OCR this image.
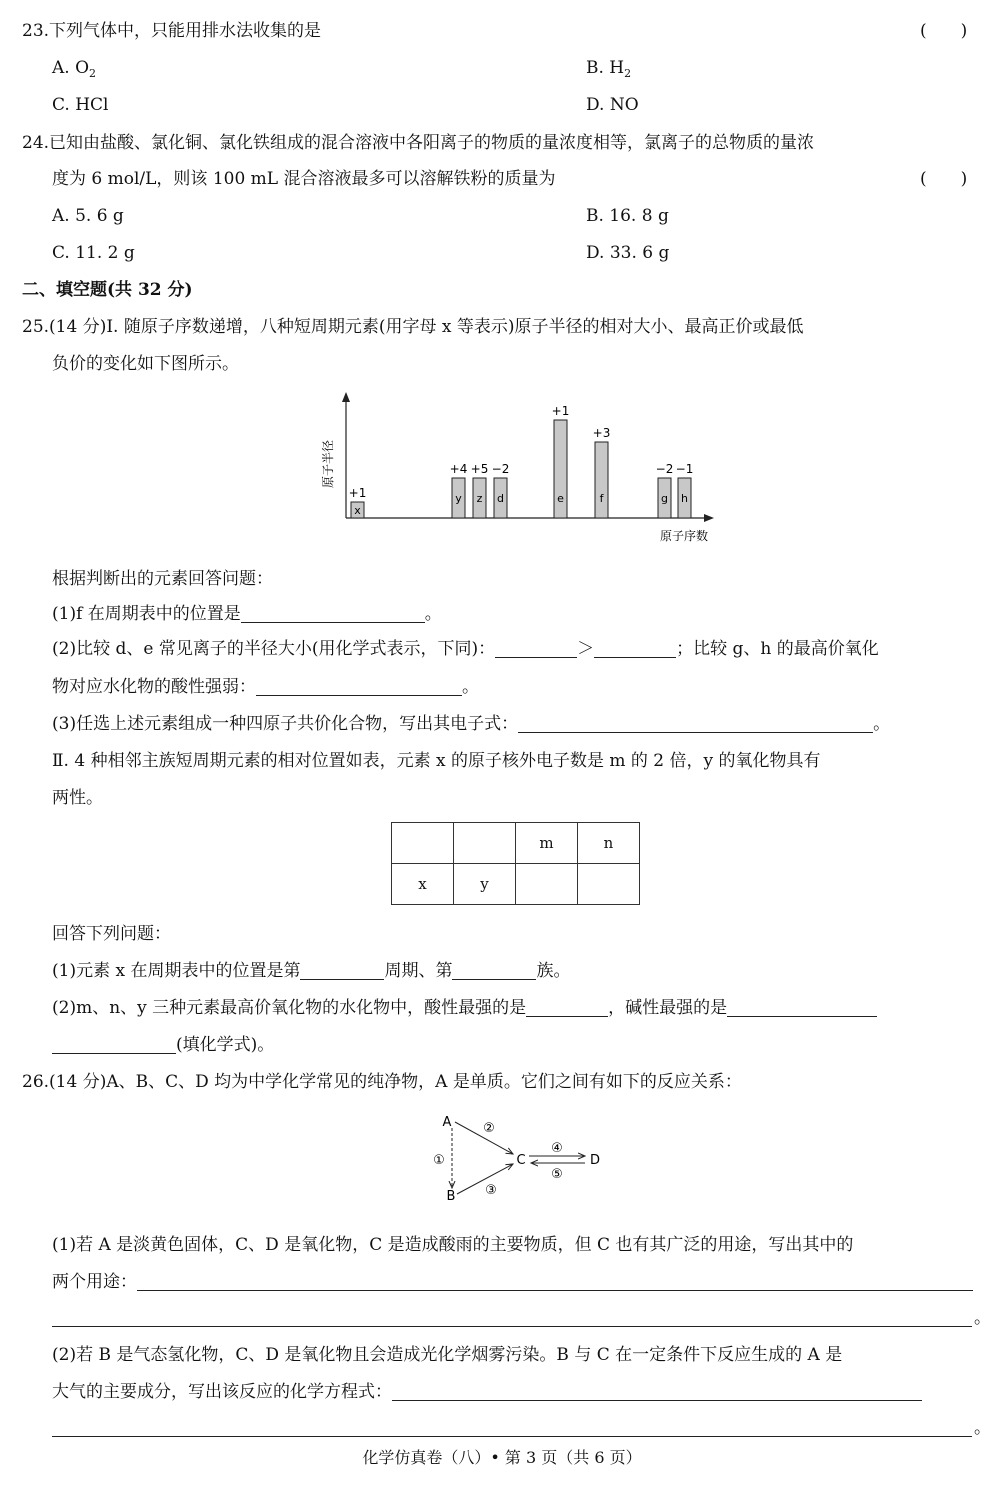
23.下列气体中，只能用排水法收集的是	(　　)
A. $O_2$	B. $H_2$
C. HCl	D. NO
24.已知由盐酸、氯化铜、氯化铁组成的混合溶液中各阳离子的物质的量浓度相等，氯离子的总物质的量浓
度为 6 mol/L，则该 100 mL 混合溶液最多可以溶解铁粉的质量为	(　　)
A. 5. 6 g	B. 16. 8 g
C. 11. 2 g	D. 33. 6 g
二、填空题(共 32 分)
25.(14 分)Ⅰ. 随原子序数递增，八种短周期元素(用字母 x 等表示)原子半径的相对大小、最高正价或最低
负价的变化如下图所示。
原子半径
原子序数
x
+1	y
+4
z
+5
d
−2
e
+1
f
+3
g
−2
h
−1
根据判断出的元素回答问题：
(1)f 在周期表中的位置是	。
(2)比较 d、e 常见离子的半径大小(用化学式表示，下同)：	＞	；比较 g、h 的最高价氧化
物对应水化物的酸性强弱：	。
(3)任选上述元素组成一种四原子共价化合物，写出其电子式：	。
Ⅱ. 4 种相邻主族短周期元素的相对位置如表，元素 x 的原子核外电子数是 m 的 2 倍，y 的氧化物具有
两性。
		m	n
x	y		
回答下列问题：
(1)元素 x 在周期表中的位置是第	周期、第	族。
(2)m、n、y 三种元素最高价氧化物的水化物中，酸性最强的是	，碱性最强的是
(填化学式)。
26.(14 分)A、B、C、D 均为中学化学常见的纯净物，A 是单质。它们之间有如下的反应关系：
A
B
C	D
①
②
③
④
⑤
(1)若 A 是淡黄色固体，C、D 是氧化物，C 是造成酸雨的主要物质，但 C 也有其广泛的用途，写出其中的
两个用途：
。
(2)若 B 是气态氢化物，C、D 是氧化物且会造成光化学烟雾污染。B 与 C 在一定条件下反应生成的 A 是
大气的主要成分，写出该反应的化学方程式：
。
化学仿真卷（八）• 第 3 页（共 6 页）
